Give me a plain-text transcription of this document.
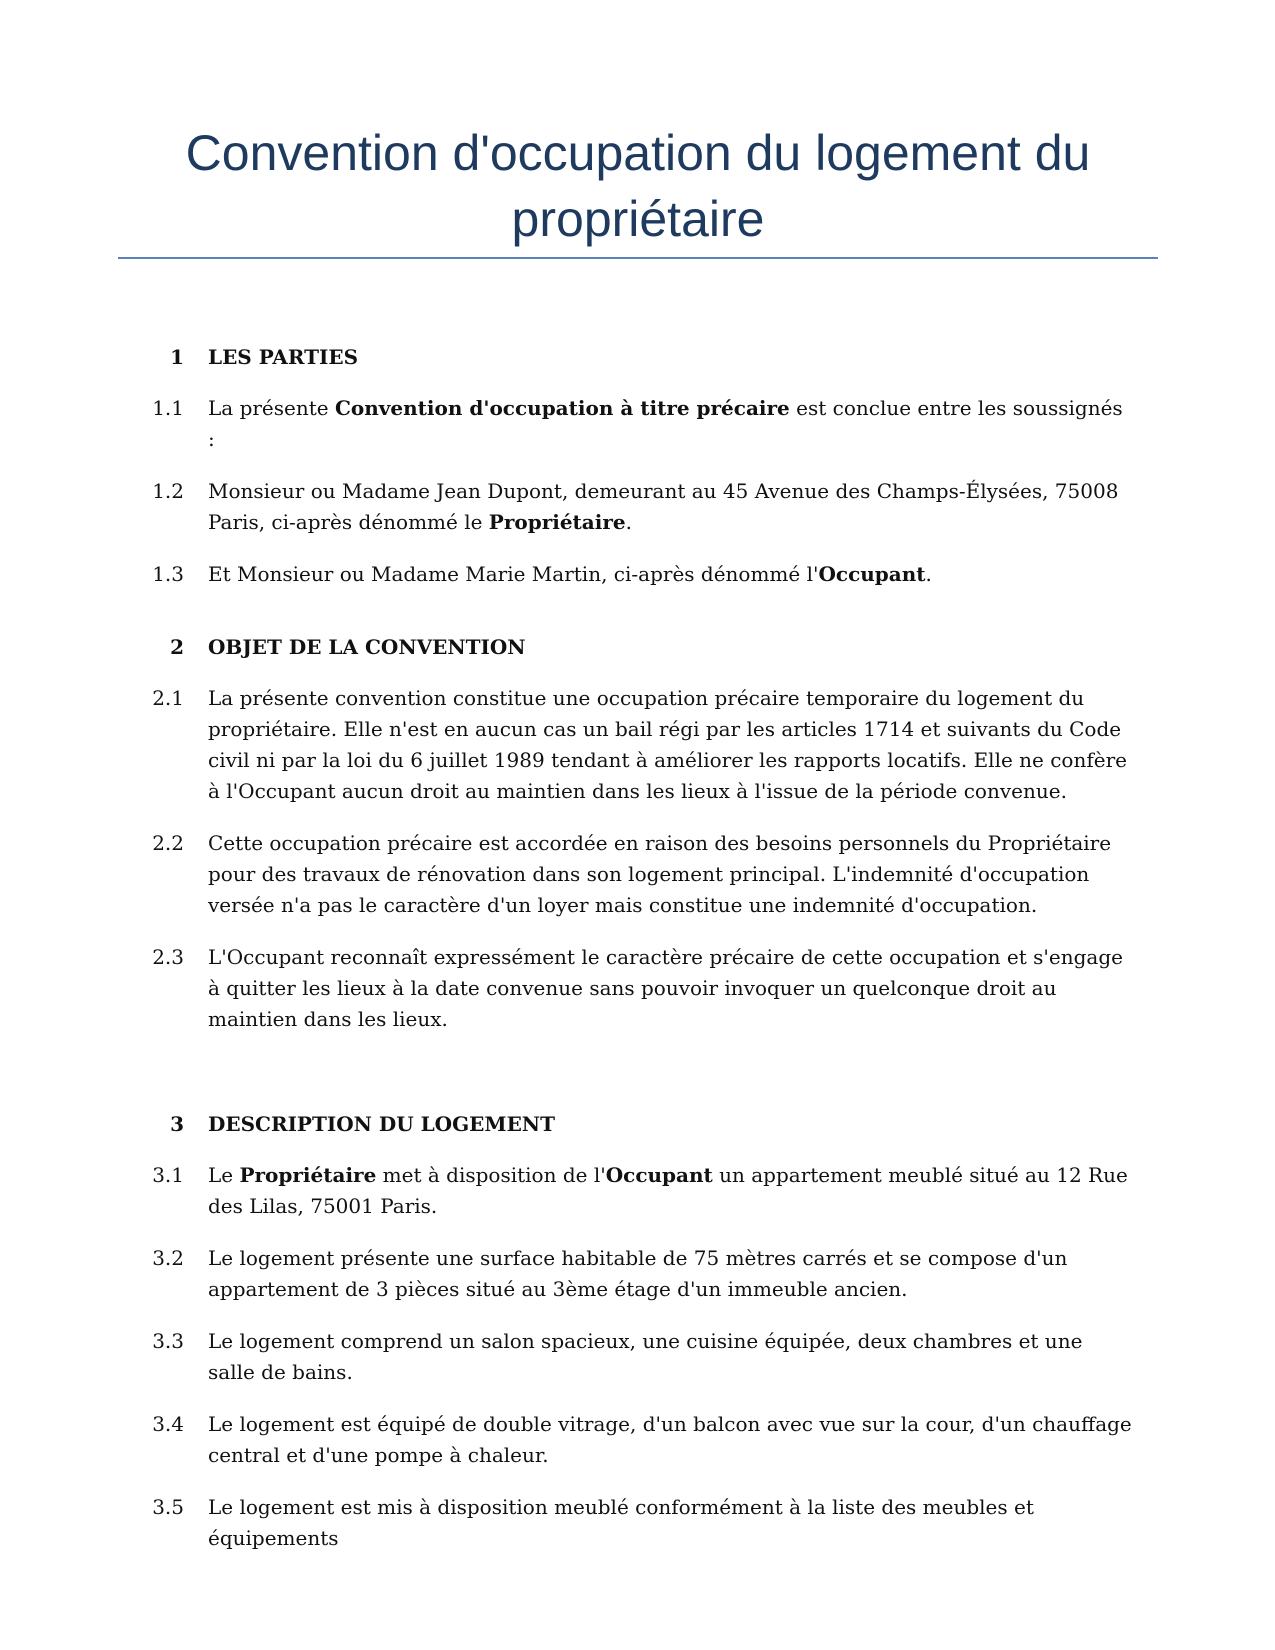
Convention d'occupation du logement du
propriétaire
1 LES PARTIES
1.1 La présente Convention d'occupation à titre précaire est conclue entre les soussignés :
1.2 Monsieur ou Madame Jean Dupont, demeurant au 45 Avenue des Champs-Élysées, 75008 Paris, ci-après dénommé le Propriétaire.
1.3 Et Monsieur ou Madame Marie Martin, ci-après dénommé l'Occupant.
2 OBJET DE LA CONVENTION
2.1 La présente convention constitue une occupation précaire temporaire du logement du propriétaire. Elle n'est en aucun cas un bail régi par les articles 1714 et suivants du Code civil ni par la loi du 6 juillet 1989 tendant à améliorer les rapports locatifs. Elle ne confère à l'Occupant aucun droit au maintien dans les lieux à l'issue de la période convenue.
2.2 Cette occupation précaire est accordée en raison des besoins personnels du Propriétaire pour des travaux de rénovation dans son logement principal. L'indemnité d'occupation versée n'a pas le caractère d'un loyer mais constitue une indemnité d'occupation.
2.3 L'Occupant reconnaît expressément le caractère précaire de cette occupation et s'engage à quitter les lieux à la date convenue sans pouvoir invoquer un quelconque droit au maintien dans les lieux.
3 DESCRIPTION DU LOGEMENT
3.1 Le Propriétaire met à disposition de l'Occupant un appartement meublé situé au 12 Rue des Lilas, 75001 Paris.
3.2 Le logement présente une surface habitable de 75 mètres carrés et se compose d'un appartement de 3 pièces situé au 3ème étage d'un immeuble ancien.
3.3 Le logement comprend un salon spacieux, une cuisine équipée, deux chambres et une salle de bains.
3.4 Le logement est équipé de double vitrage, d'un balcon avec vue sur la cour, d'un chauffage central et d'une pompe à chaleur.
3.5 Le logement est mis à disposition meublé conformément à la liste des meubles et équipements
